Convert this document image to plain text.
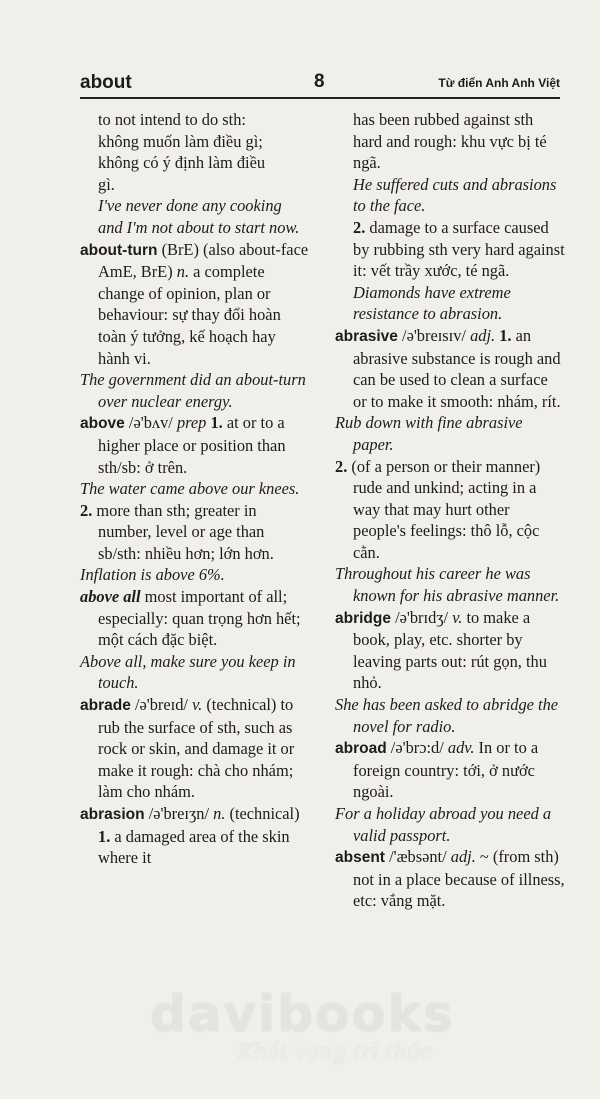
about	8	Từ điển Anh Anh Việt
to not intend to do sth:
không muốn làm điều gì;
không có ý định làm điều
gì.
I've never done any cooking and I'm not about to start now.
about-turn (BrE) (also about-face AmE, BrE) n. a complete change of opinion, plan or behaviour: sự thay đổi hoàn toàn ý tưởng, kế hoạch hay hành vi.
The government did an about-turn over nuclear energy.
above /ə'bʌv/ prep 1. at or to a higher place or position than sth/sb: ở trên.
The water came above our knees.
2. more than sth; greater in number, level or age than sb/sth: nhiều hơn; lớn hơn.
Inflation is above 6%.
above all most important of all; especially: quan trọng hơn hết; một cách đặc biệt.
Above all, make sure you keep in touch.
abrade /ə'breɪd/ v. (technical) to rub the surface of sth, such as rock or skin, and damage it or make it rough: chà cho nhám; làm cho nhám.
abrasion /ə'breɪʒn/ n. (technical) 1. a damaged area of the skin where it
has been rubbed against sth hard and rough: khu vực bị té ngã.
He suffered cuts and abrasions to the face.
2. damage to a surface caused by rubbing sth very hard against it: vết trầy xước, té ngã.
Diamonds have extreme resistance to abrasion.
abrasive /ə'breɪsɪv/ adj. 1. an abrasive substance is rough and can be used to clean a surface or to make it smooth: nhám, rít.
Rub down with fine abrasive paper.
2. (of a person or their manner) rude and unkind; acting in a way that may hurt other people's feelings: thô lỗ, cộc cằn.
Throughout his career he was known for his abrasive manner.
abridge /ə'brɪdʒ/ v. to make a book, play, etc. shorter by leaving parts out: rút gọn, thu nhỏ.
She has been asked to abridge the novel for radio.
abroad /ə'brɔ:d/ adv. In or to a foreign country: tới, ở nước ngoài.
For a holiday abroad you need a valid passport.
absent /'æbsənt/ adj. ~ (from sth) not in a place because of illness, etc: vắng mặt.
davibooks
Khát vọng tri thức
